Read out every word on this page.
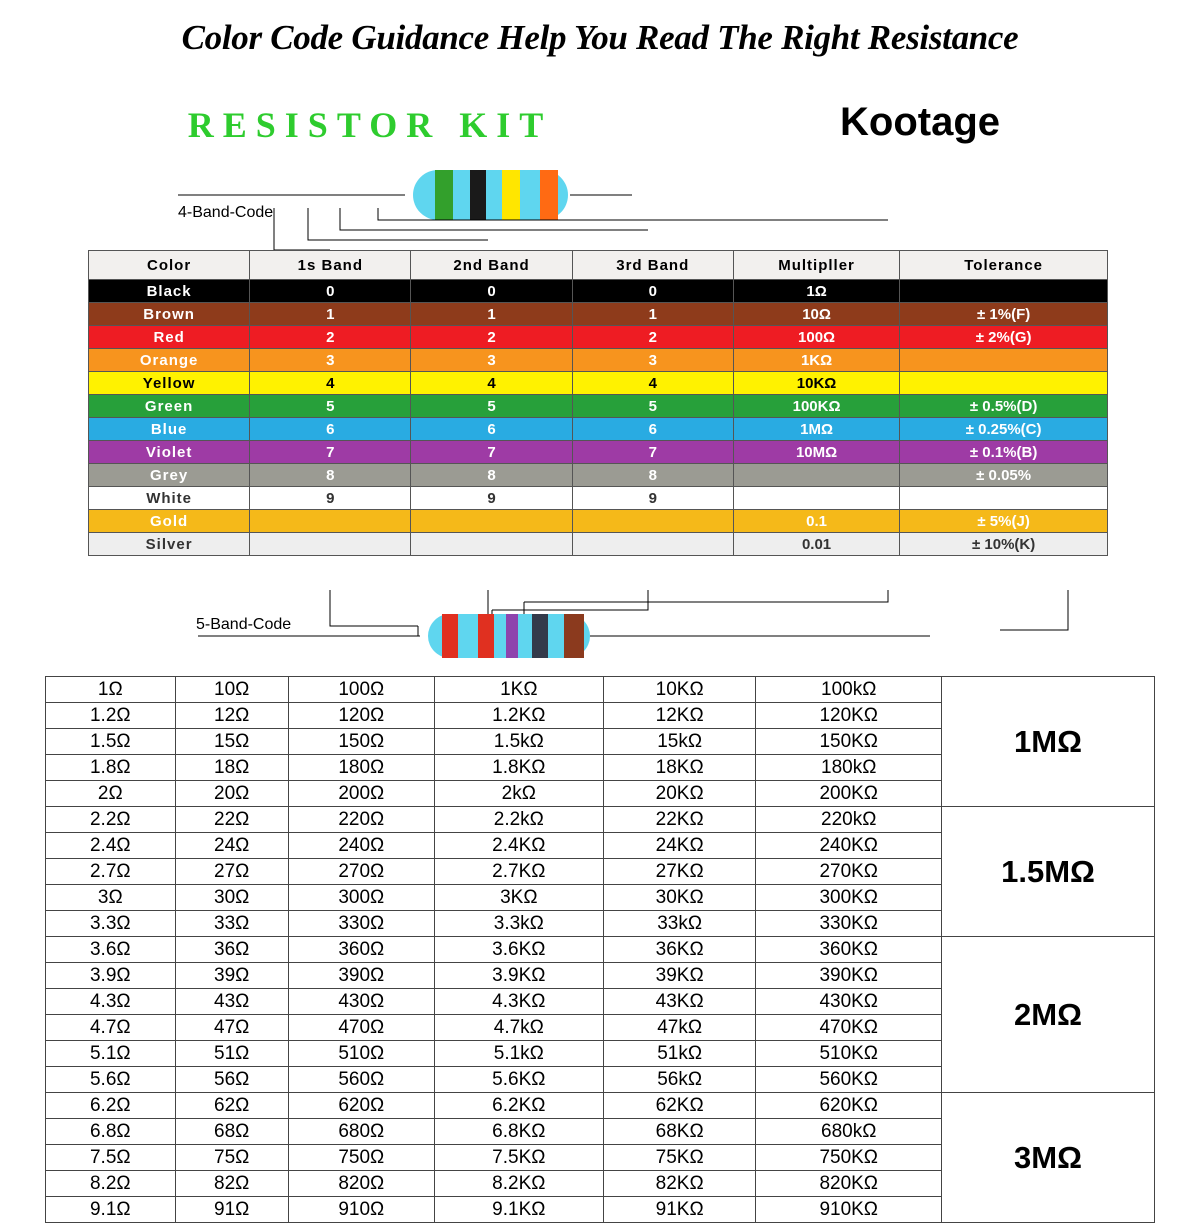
Color Code Guidance Help You Read The Right Resistance
RESISTOR KIT	Kootage
4-Band-Code
Color	1s Band	2nd Band	3rd Band	Multipller	Tolerance
Black	0	0	0	1Ω	
Brown	1	1	1	10Ω	± 1%(F)
Red	2	2	2	100Ω	± 2%(G)
Orange	3	3	3	1KΩ	
Yellow	4	4	4	10KΩ	
Green	5	5	5	100KΩ	± 0.5%(D)
Blue	6	6	6	1MΩ	± 0.25%(C)
Violet	7	7	7	10MΩ	± 0.1%(B)
Grey	8	8	8		± 0.05%
White	9	9	9		
Gold				0.1	± 5%(J)
Silver				0.01	± 10%(K)
5-Band-Code
1Ω	10Ω	100Ω	1KΩ	10KΩ	100kΩ	1MΩ
1.2Ω	12Ω	120Ω	1.2KΩ	12KΩ	120KΩ	
1.5Ω	15Ω	150Ω	1.5kΩ	15kΩ	150KΩ	
1.8Ω	18Ω	180Ω	1.8KΩ	18KΩ	180kΩ	
2Ω	20Ω	200Ω	2kΩ	20KΩ	200KΩ	
2.2Ω	22Ω	220Ω	2.2kΩ	22KΩ	220kΩ	1.5MΩ
2.4Ω	24Ω	240Ω	2.4KΩ	24KΩ	240KΩ	
2.7Ω	27Ω	270Ω	2.7KΩ	27KΩ	270KΩ	
3Ω	30Ω	300Ω	3KΩ	30KΩ	300KΩ	
3.3Ω	33Ω	330Ω	3.3kΩ	33kΩ	330KΩ	
3.6Ω	36Ω	360Ω	3.6KΩ	36KΩ	360KΩ	2MΩ
3.9Ω	39Ω	390Ω	3.9KΩ	39KΩ	390KΩ	
4.3Ω	43Ω	430Ω	4.3KΩ	43KΩ	430KΩ	
4.7Ω	47Ω	470Ω	4.7kΩ	47kΩ	470KΩ	
5.1Ω	51Ω	510Ω	5.1kΩ	51kΩ	510KΩ	
5.6Ω	56Ω	560Ω	5.6KΩ	56kΩ	560KΩ	
6.2Ω	62Ω	620Ω	6.2KΩ	62KΩ	620KΩ	3MΩ
6.8Ω	68Ω	680Ω	6.8KΩ	68KΩ	680kΩ	
7.5Ω	75Ω	750Ω	7.5KΩ	75KΩ	750KΩ	
8.2Ω	82Ω	820Ω	8.2KΩ	82KΩ	820KΩ	
9.1Ω	91Ω	910Ω	9.1KΩ	91KΩ	910KΩ	
